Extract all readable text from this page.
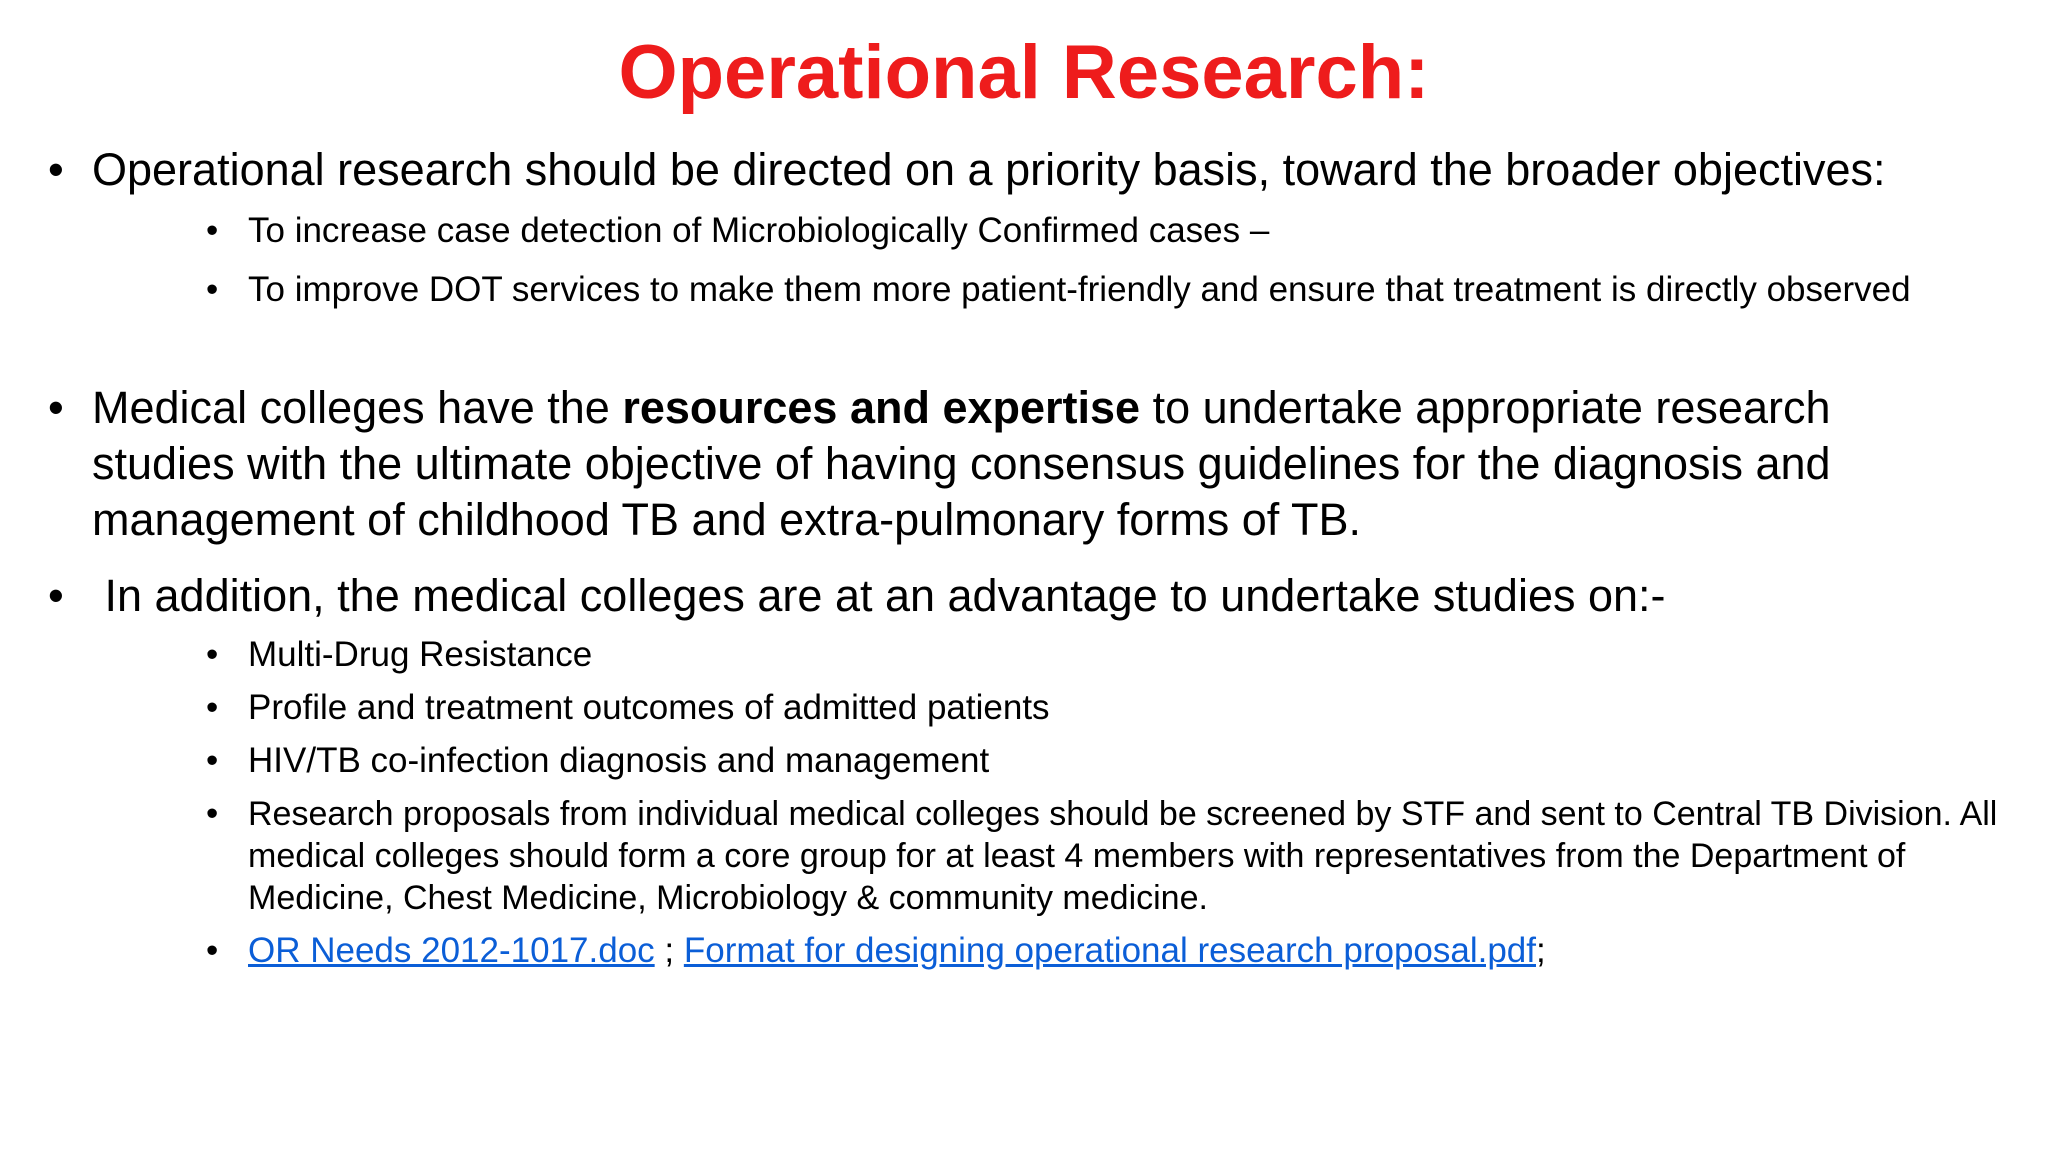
Operational Research:
• Operational research should be directed on a priority basis, toward the broader objectives:
• To increase case detection of Microbiologically Confirmed cases –
• To improve DOT services to make them more patient-friendly and ensure that treatment is directly observed
• Medical colleges have the resources and expertise to undertake appropriate research studies with the ultimate objective of having consensus guidelines for the diagnosis and management of childhood TB and extra-pulmonary forms of TB.
• In addition, the medical colleges are at an advantage to undertake studies on:-
• Multi-Drug Resistance
• Profile and treatment outcomes of admitted patients
• HIV/TB co-infection diagnosis and management
• Research proposals from individual medical colleges should be screened by STF and sent to Central TB Division. All medical colleges should form a core group for at least 4 members with representatives from the Department of Medicine, Chest Medicine, Microbiology & community medicine.
• OR Needs 2012-1017.doc ; Format for designing operational research proposal.pdf;
